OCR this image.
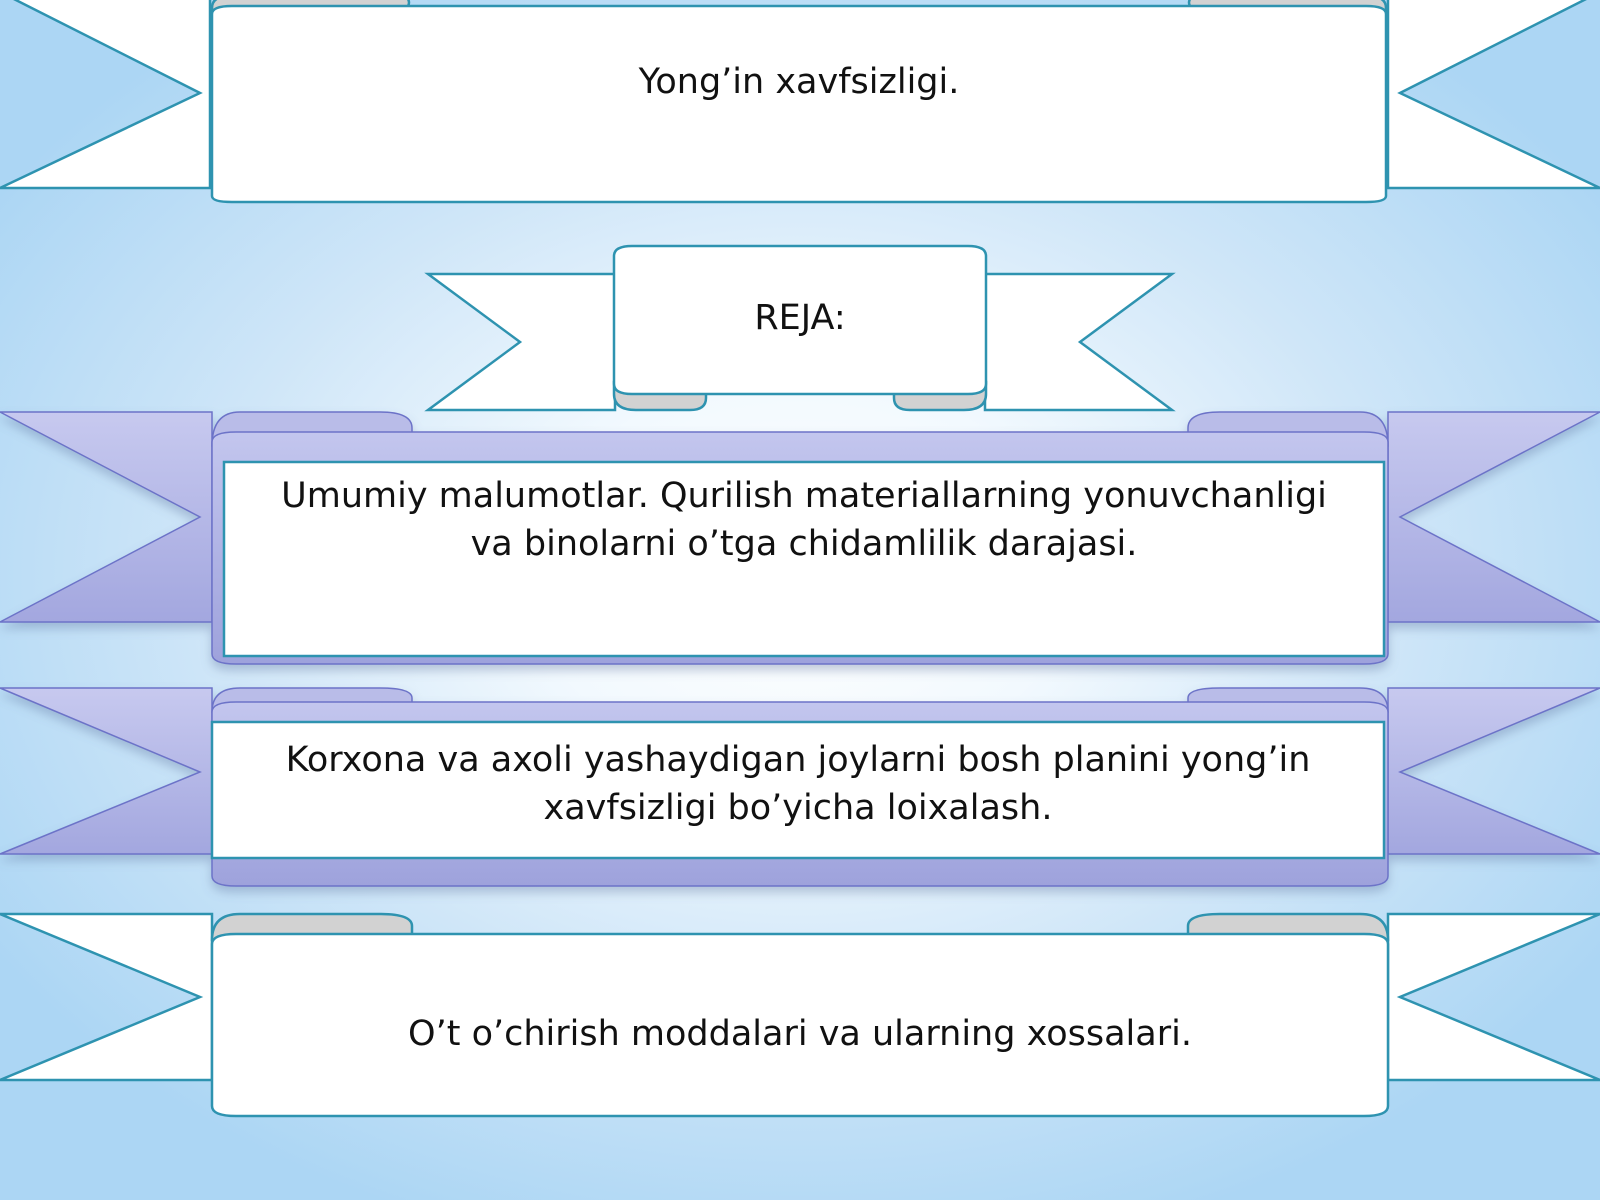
Yong’in xavfsizligi.
REJA:
Umumiy malumotlar. Qurilish materiallarning yonuvchanligi
va binolarni o’tga chidamlilik darajasi.
Korxona va axoli yashaydigan joylarni bosh planini yong’in
xavfsizligi bo’yicha loixalash.
O’t o’chirish moddalari va ularning xossalari.
